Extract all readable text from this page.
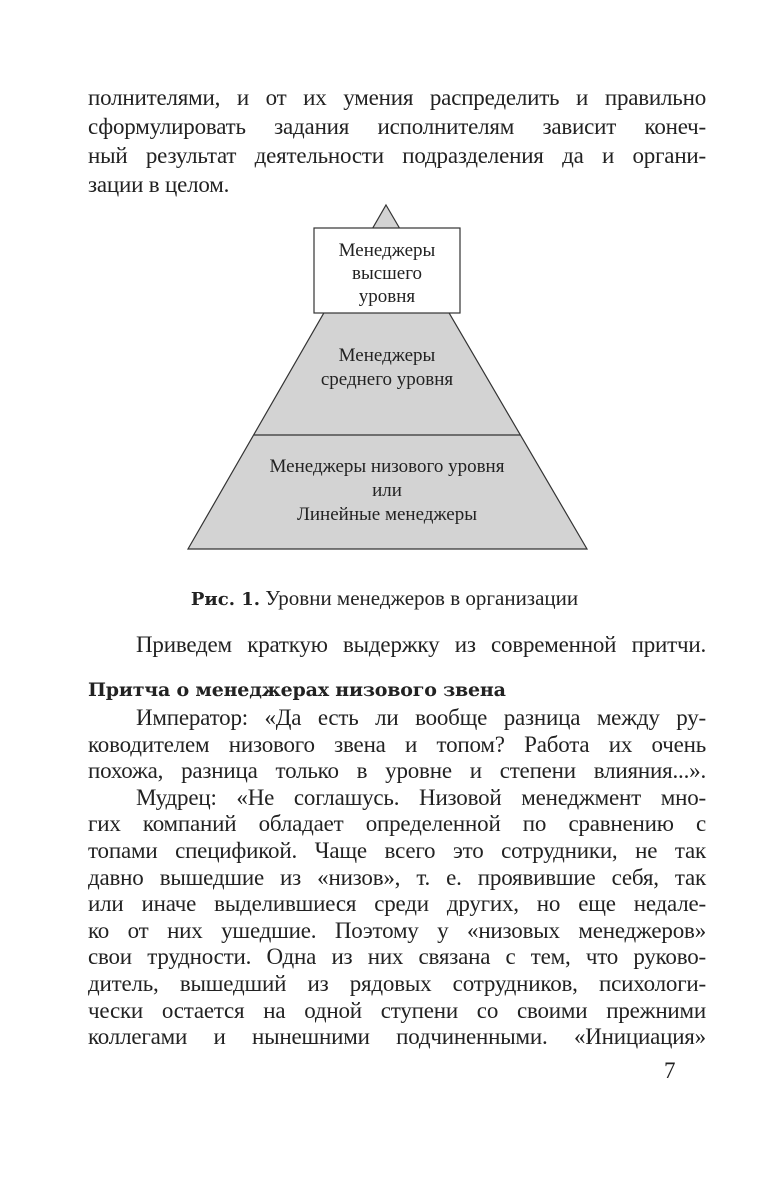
полнителями, и от их умения распределить и правильно
сформулировать задания исполнителям зависит конеч-
ный результат деятельности подразделения да и органи-
зации в целом.
Менеджеры
высшего
уровня
Менеджеры
среднего уровня
Менеджеры низового уровня
или
Линейные менеджеры
Рис. 1. Уровни менеджеров в организации
Приведем краткую выдержку из современной притчи.
Притча о менеджерах низового звена
Император: «Да есть ли вообще разница между ру-
ководителем низового звена и топом? Работа их очень
похожа, разница только в уровне и степени влияния...».
Мудрец: «Не соглашусь. Низовой менеджмент мно-
гих компаний обладает определенной по сравнению с
топами спецификой. Чаще всего это сотрудники, не так
давно вышедшие из «низов», т. е. проявившие себя, так
или иначе выделившиеся среди других, но еще недале-
ко от них ушедшие. Поэтому у «низовых менеджеров»
свои трудности. Одна из них связана с тем, что руково-
дитель, вышедший из рядовых сотрудников, психологи-
чески остается на одной ступени со своими прежними
7
коллегами и нынешними подчиненными. «Инициация»
